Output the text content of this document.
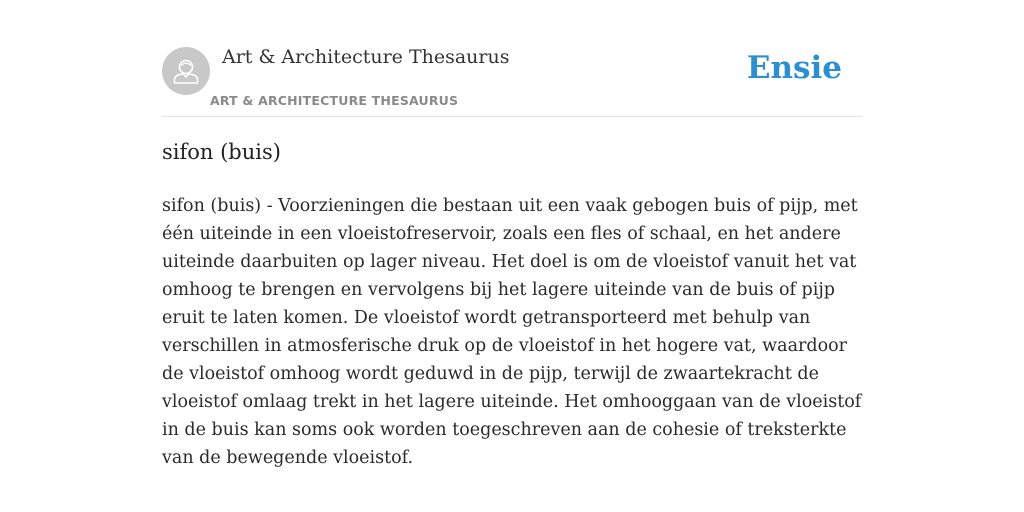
Art & Architecture Thesaurus
ART & ARCHITECTURE THESAURUS
Ensie
sifon (buis)

sifon (buis) - Voorzieningen die bestaan uit een vaak gebogen buis of pijp, met één uiteinde in een vloeistofreservoir, zoals een fles of schaal, en het andere uiteinde daarbuiten op lager niveau. Het doel is om de vloeistof vanuit het vat omhoog te brengen en vervolgens bij het lagere uiteinde van de buis of pijp eruit te laten komen. De vloeistof wordt getransporteerd met behulp van verschillen in atmosferische druk op de vloeistof in het hogere vat, waardoor de vloeistof omhoog wordt geduwd in de pijp, terwijl de zwaartekracht de vloeistof omlaag trekt in het lagere uiteinde. Het omhooggaan van de vloeistof in de buis kan soms ook worden toegeschreven aan de cohesie of treksterkte van de bewegende vloeistof.
